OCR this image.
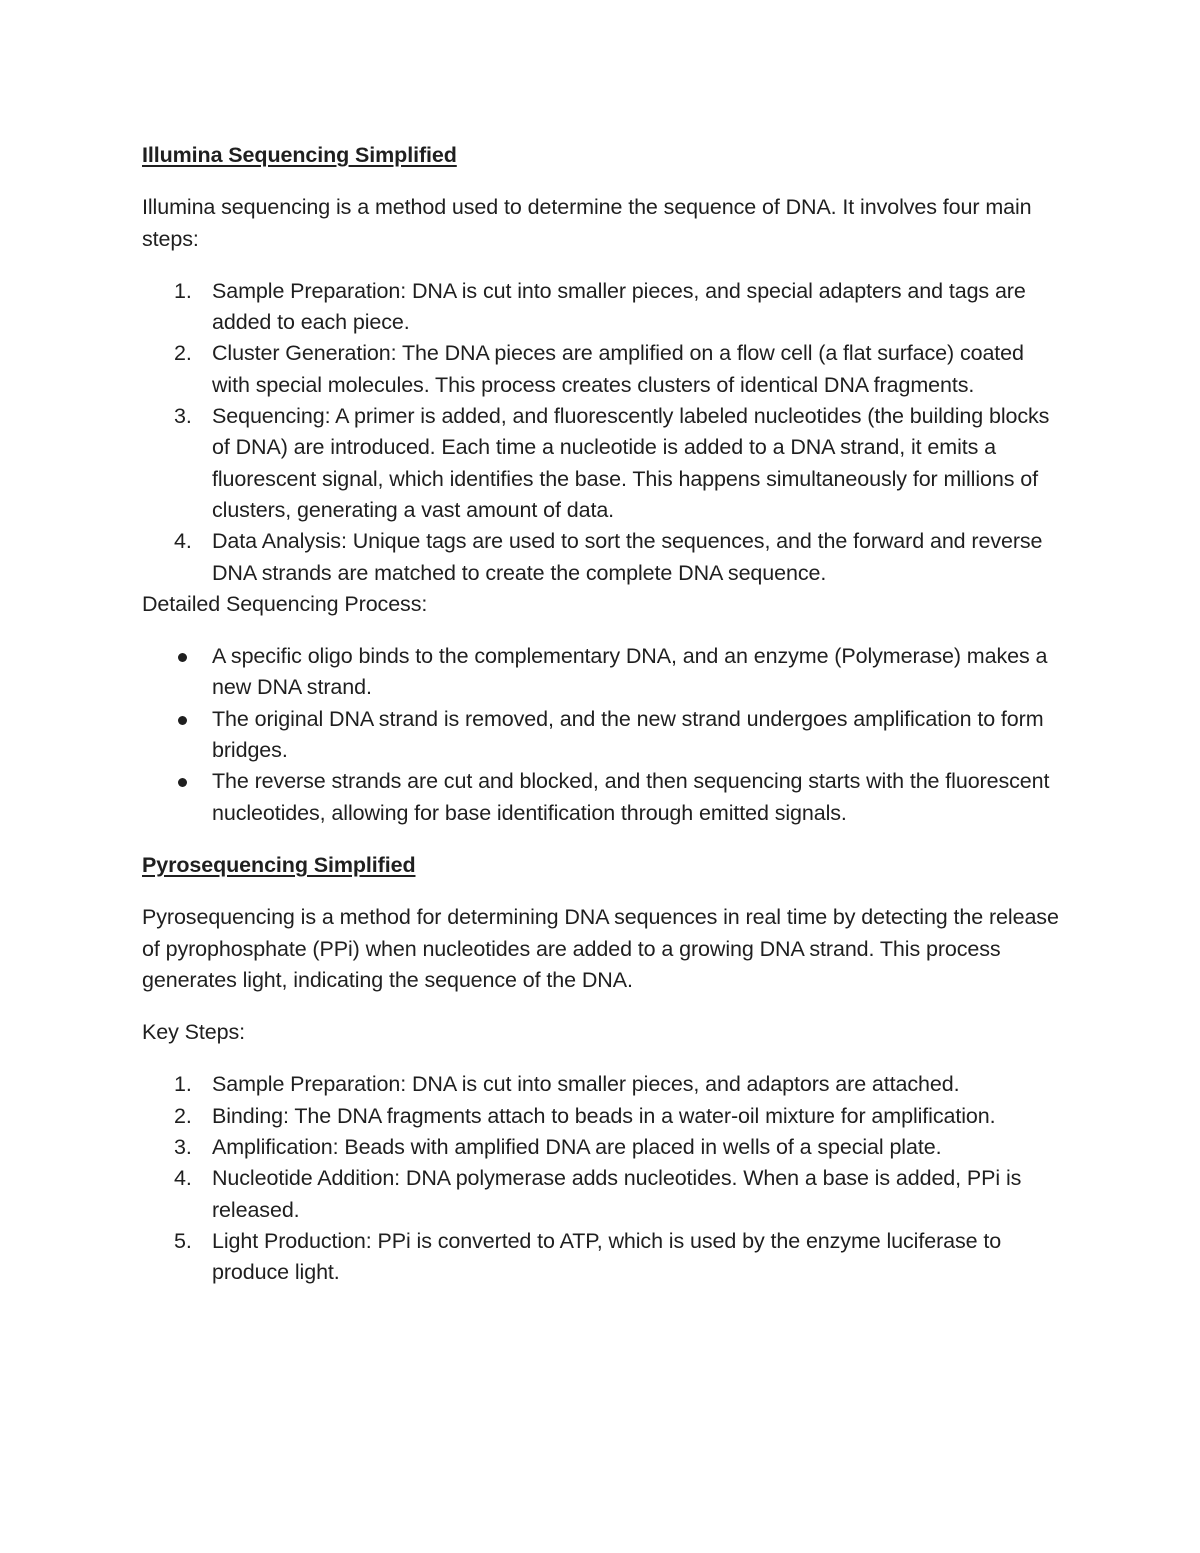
Illumina Sequencing Simplified

Illumina sequencing is a method used to determine the sequence of DNA. It involves four main steps:

1. Sample Preparation: DNA is cut into smaller pieces, and special adapters and tags are added to each piece.
2. Cluster Generation: The DNA pieces are amplified on a flow cell (a flat surface) coated with special molecules. This process creates clusters of identical DNA fragments.
3. Sequencing: A primer is added, and fluorescently labeled nucleotides (the building blocks of DNA) are introduced. Each time a nucleotide is added to a DNA strand, it emits a fluorescent signal, which identifies the base. This happens simultaneously for millions of clusters, generating a vast amount of data.
4. Data Analysis: Unique tags are used to sort the sequences, and the forward and reverse DNA strands are matched to create the complete DNA sequence.

Detailed Sequencing Process:

A specific oligo binds to the complementary DNA, and an enzyme (Polymerase) makes a new DNA strand.
The original DNA strand is removed, and the new strand undergoes amplification to form bridges.
The reverse strands are cut and blocked, and then sequencing starts with the fluorescent nucleotides, allowing for base identification through emitted signals.
Pyrosequencing Simplified

Pyrosequencing is a method for determining DNA sequences in real time by detecting the release of pyrophosphate (PPi) when nucleotides are added to a growing DNA strand. This process generates light, indicating the sequence of the DNA.

Key Steps:

1. Sample Preparation: DNA is cut into smaller pieces, and adaptors are attached.
2. Binding: The DNA fragments attach to beads in a water-oil mixture for amplification.
3. Amplification: Beads with amplified DNA are placed in wells of a special plate.
4. Nucleotide Addition: DNA polymerase adds nucleotides. When a base is added, PPi is released.
5. Light Production: PPi is converted to ATP, which is used by the enzyme luciferase to produce light.
